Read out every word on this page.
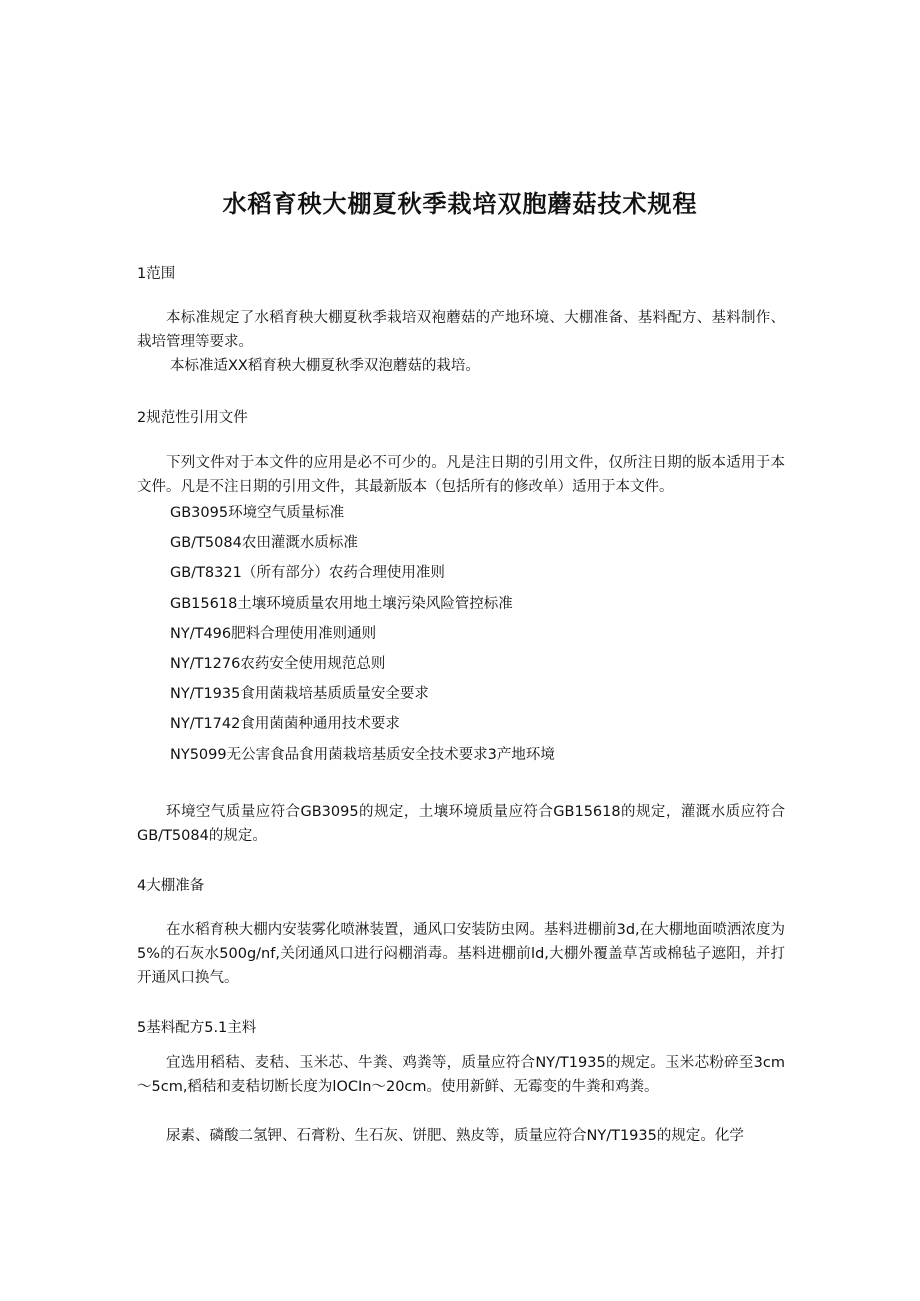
水稻育秧大棚夏秋季栽培双胞蘑菇技术规程

1范围

本标准规定了水稻育秧大棚夏秋季栽培双袍蘑菇的产地环境、大棚准备、基料配方、基料制作、栽培管理等要求。

本标准适XX稻育秧大棚夏秋季双泡蘑菇的栽培。

2规范性引用文件

下列文件对于本文件的应用是必不可少的。凡是注日期的引用文件，仅所注日期的版本适用于本文件。凡是不注日期的引用文件，其最新版本（包括所有的修改单）适用于本文件。

GB3095环境空气质量标准
GB/T5084农田灌溉水质标准
GB/T8321（所有部分）农药合理使用准则
GB15618土壤环境质量农用地土壤污染风险管控标准
NY/T496肥料合理使用准则通则
NY/T1276农药安全使用规范总则
NY/T1935食用菌栽培基质质量安全要求
NY/T1742食用菌菌种通用技术要求
NY5099无公害食品食用菌栽培基质安全技术要求3产地环境

环境空气质量应符合GB3095的规定，土壤环境质量应符合GB15618的规定，灌溉水质应符合GB/T5084的规定。

4大棚准备

在水稻育秧大棚内安装雾化喷淋装置，通风口安装防虫网。基料进棚前3d,在大棚地面喷洒浓度为5%的石灰水500g∕nf,关闭通风口进行闷棚消毒。基料进棚前ld,大棚外覆盖草苫或棉毡子遮阳，并打开通风口换气。

5基料配方5.1主料

宜选用稻秸、麦秸、玉米芯、牛粪、鸡粪等，质量应符合NY/T1935的规定。玉米芯粉碎至3cm～5cm,稻秸和麦秸切断长度为lOCIn～20cm。使用新鲜、无霉变的牛粪和鸡粪。

尿素、磷酸二氢钾、石膏粉、生石灰、饼肥、熟皮等，质量应符合NY/T1935的规定。化学
